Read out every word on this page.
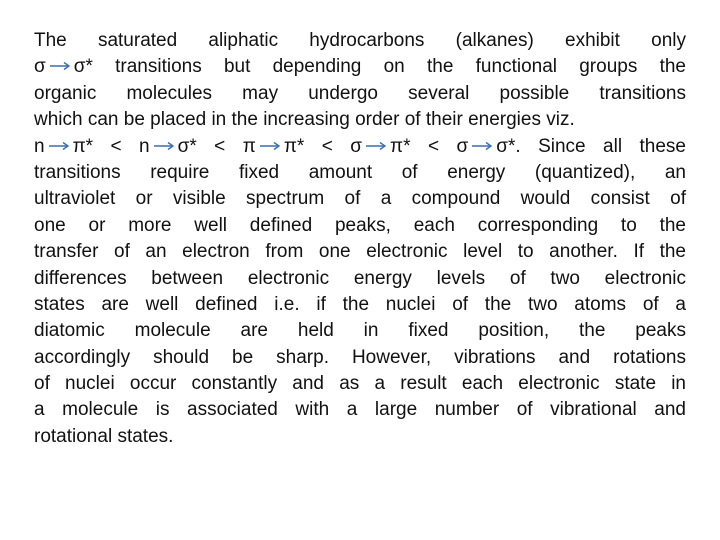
The saturated aliphatic hydrocarbons (alkanes) exhibit only
σ σ* transitions but depending on the functional groups the
organic molecules may undergo several possible transitions
which can be placed in the increasing order of their energies viz.

n π* < n σ* < π π* < σ π* < σ σ*. Since all these
transitions require fixed amount of energy (quantized), an
ultraviolet or visible spectrum of a compound would consist of
one or more well defined peaks, each corresponding to the
transfer of an electron from one electronic level to another. If the
differences between electronic energy levels of two electronic
states are well defined i.e. if the nuclei of the two atoms of a
diatomic molecule are held in fixed position, the peaks
accordingly should be sharp. However, vibrations and rotations
of nuclei occur constantly and as a result each electronic state in
a molecule is associated with a large number of vibrational and
rotational states.
